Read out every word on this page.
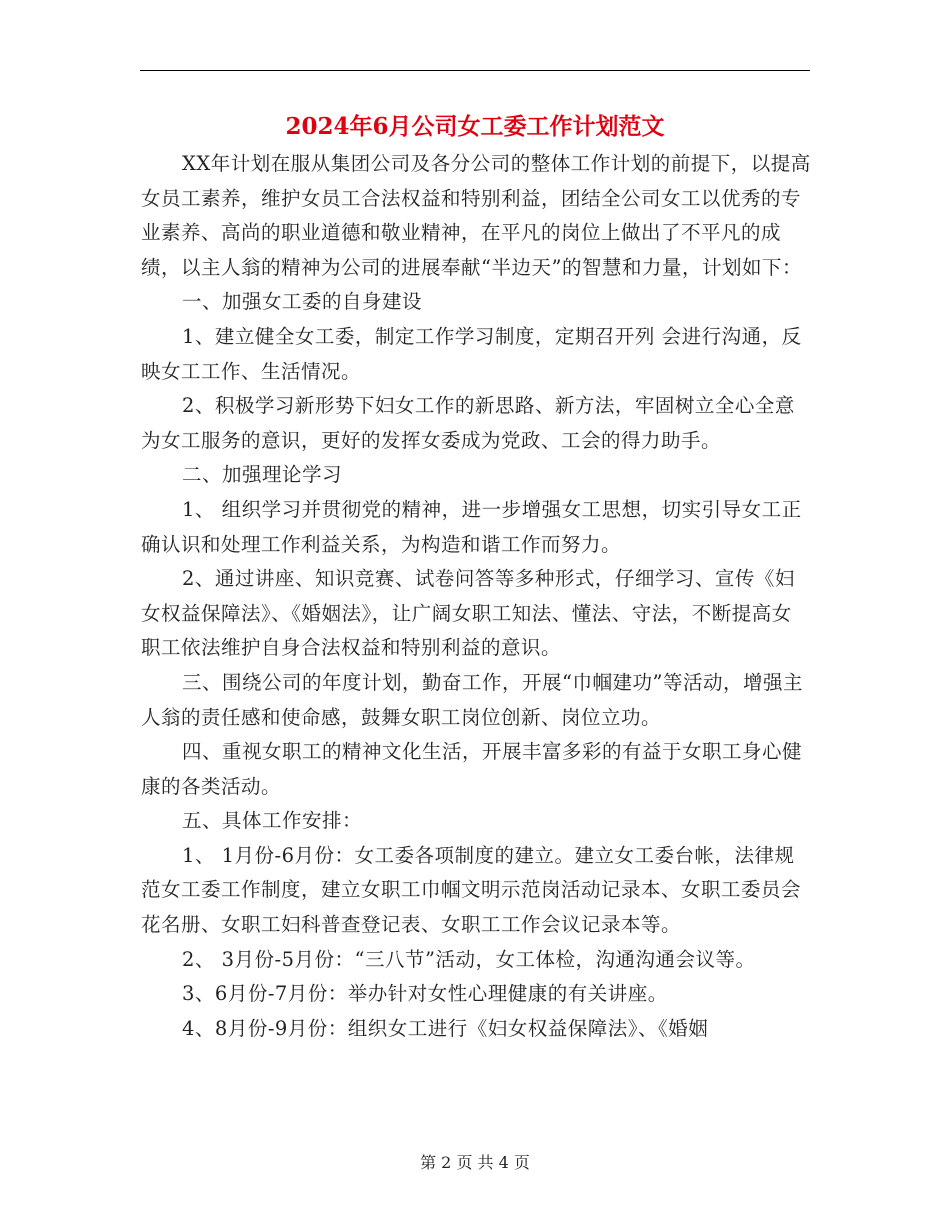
2024年6月公司女工委工作计划范文

XX年计划在服从集团公司及各分公司的整体工作计划的前提下，以提高女员工素养，维护女员工合法权益和特别利益，团结全公司女工以优秀的专业素养、高尚的职业道德和敬业精神，在平凡的岗位上做出了不平凡的成绩，以主人翁的精神为公司的进展奉献“半边天”的智慧和力量，计划如下：

一、加强女工委的自身建设

1、建立健全女工委，制定工作学习制度，定期召开列 会进行沟通，反映女工工作、生活情况。

2、积极学习新形势下妇女工作的新思路、新方法，牢固树立全心全意为女工服务的意识，更好的发挥女委成为党政、工会的得力助手。

二、加强理论学习

1、 组织学习并贯彻党的精神，进一步增强女工思想，切实引导女工正确认识和处理工作利益关系，为构造和谐工作而努力。

2、通过讲座、知识竞赛、试卷问答等多种形式，仔细学习、宣传《妇女权益保障法》、《婚姻法》，让广阔女职工知法、懂法、守法，不断提高女职工依法维护自身合法权益和特别利益的意识。

三、围绕公司的年度计划，勤奋工作，开展“巾帼建功”等活动，增强主人翁的责任感和使命感，鼓舞女职工岗位创新、岗位立功。

四、重视女职工的精神文化生活，开展丰富多彩的有益于女职工身心健康的各类活动。

五、具体工作安排：

1、 1月份-6月份：女工委各项制度的建立。建立女工委台帐，法律规范女工委工作制度，建立女职工巾帼文明示范岗活动记录本、女职工委员会花名册、女职工妇科普查登记表、女职工工作会议记录本等。

2、 3月份-5月份：“三八节”活动，女工体检，沟通沟通会议等。

3、6月份-7月份：举办针对女性心理健康的有关讲座。

4、8月份-9月份：组织女工进行《妇女权益保障法》、《婚姻

第 2 页 共 4 页
